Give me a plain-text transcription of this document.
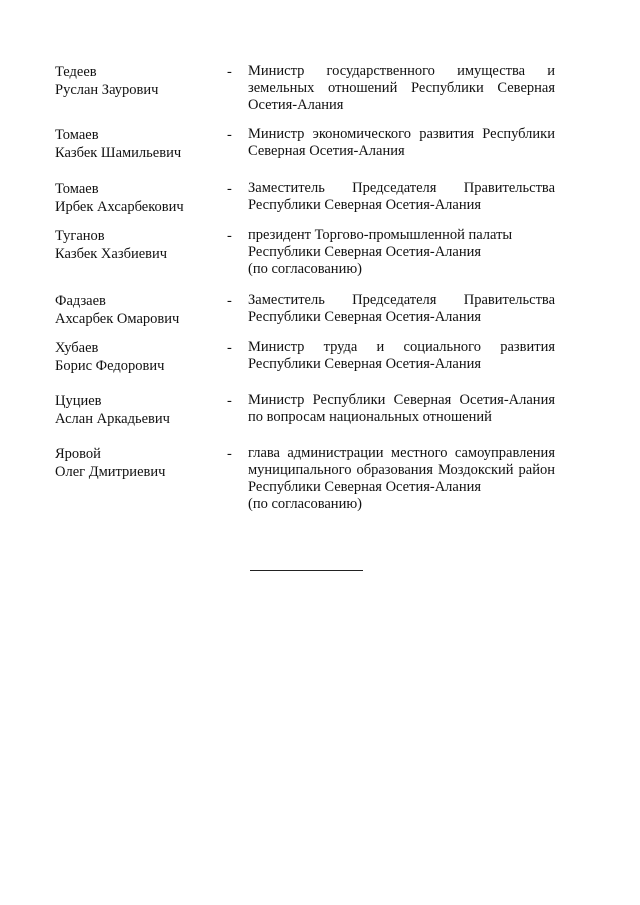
Тедеев
Руслан Заурович
- Министр государственного имущества и
земельных отношений Республики Северная
Осетия-Алания
Томаев
Казбек Шамильевич
- Министр экономического развития Республики
Северная Осетия-Алания
Томаев
Ирбек Ахсарбекович
- Заместитель Председателя Правительства
Республики Северная Осетия-Алания
Туганов
Казбек Хазбиевич
- президент Торгово-промышленной палаты
Республики Северная Осетия-Алания
(по согласованию)
Фадзаев
Ахсарбек Омарович
- Заместитель Председателя Правительства
Республики Северная Осетия-Алания
Хубаев
Борис Федорович
- Министр труда и социального развития
Республики Северная Осетия-Алания
Цуциев
Аслан Аркадьевич
- Министр Республики Северная Осетия-Алания
по вопросам национальных отношений
Яровой
Олег Дмитриевич
- глава администрации местного самоуправления
муниципального образования Моздокский район
Республики Северная Осетия-Алания
(по согласованию)
